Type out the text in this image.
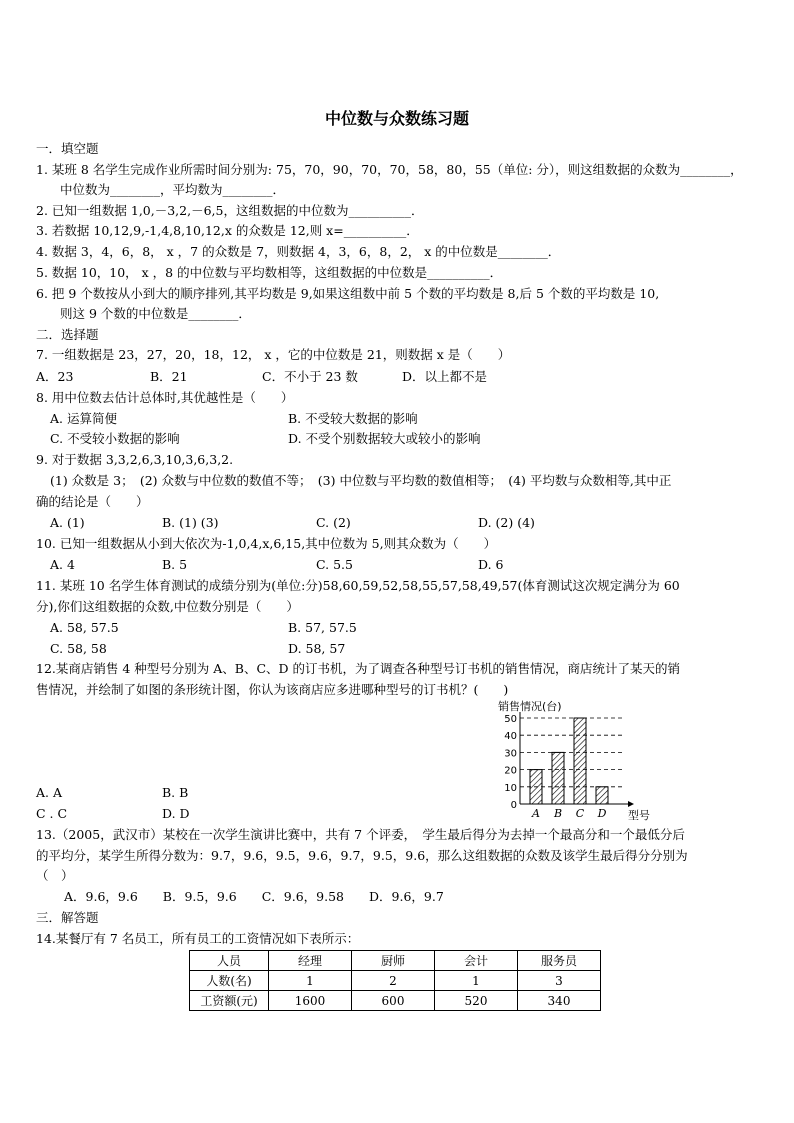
中位数与众数练习题
一．填空题
1. 某班 8 名学生完成作业所需时间分别为: 75，70，90，70，70，58，80，55（单位: 分），则这组数据的众数为________，
中位数为________，平均数为________．
2. 已知一组数据 1,0,－3,2,－6,5，这组数据的中位数为__________．
3. 若数据 10,12,9,-1,4,8,10,12,x 的众数是 12,则 x=__________．
4. 数据 3，4，6，8， x ，7 的众数是 7，则数据 4，3，6，8，2， x 的中位数是________．
5. 数据 10，10， x ，8 的中位数与平均数相等，这组数据的中位数是__________．
6. 把 9 个数按从小到大的顺序排列,其平均数是 9,如果这组数中前 5 个数的平均数是 8,后 5 个数的平均数是 10,
则这 9 个数的中位数是________．
二．选择题
7. 一组数据是 23，27，20，18，12， x ，它的中位数是 21，则数据 x 是（　　）
A．23	B．21	C．不小于 23 数	D．以上都不是
8. 用中位数去估计总体时,其优越性是（　　）
A. 运算简便	B. 不受较大数据的影响
C. 不受较小数据的影响	D. 不受个别数据较大或较小的影响
9. 对于数据 3,3,2,6,3,10,3,6,3,2.
(1) 众数是 3；　(2) 众数与中位数的数值不等；　(3) 中位数与平均数的数值相等；　(4) 平均数与众数相等,其中正
确的结论是（　　）
A. (1)	B. (1) (3)	C. (2)	D. (2) (4)
10. 已知一组数据从小到大依次为-1,0,4,x,6,15,其中位数为 5,则其众数为（　　）
A. 4	B. 5	C. 5.5	D. 6
11. 某班 10 名学生体育测试的成绩分别为(单位:分)58,60,59,52,58,55,57,58,49,57(体育测试这次规定满分为 60
分),你们这组数据的众数,中位数分别是（　　）
A. 58, 57.5	B. 57, 57.5
C. 58, 58	D. 58, 57
12.某商店销售 4 种型号分别为 A、B、C、D 的订书机，为了调查各种型号订书机的销售情况，商店统计了某天的销
售情况，并绘制了如图的条形统计图，你认为该商店应多进哪种型号的订书机？(　　)
A. A	B. B
C . C	D. D
销售情况(台)
0
10
20
30
40
50
A B C D 型号
13.（2005，武汉市）某校在一次学生演讲比赛中，共有 7 个评委，　学生最后得分为去掉一个最高分和一个最低分后
的平均分，某学生所得分数为：9.7，9.6，9.5，9.6，9.7，9.5，9.6，那么这组数据的众数及该学生最后得分分别为
（　）
A．9.6，9.6　　B．9.5，9.6　　C．9.6，9.58　　D．9.6，9.7
三．解答题
14.某餐厅有 7 名员工，所有员工的工资情况如下表所示：
人员	经理	厨师	会计	服务员
人数(名)	1	2	1	3
工资额(元)	1600	600	520	340
